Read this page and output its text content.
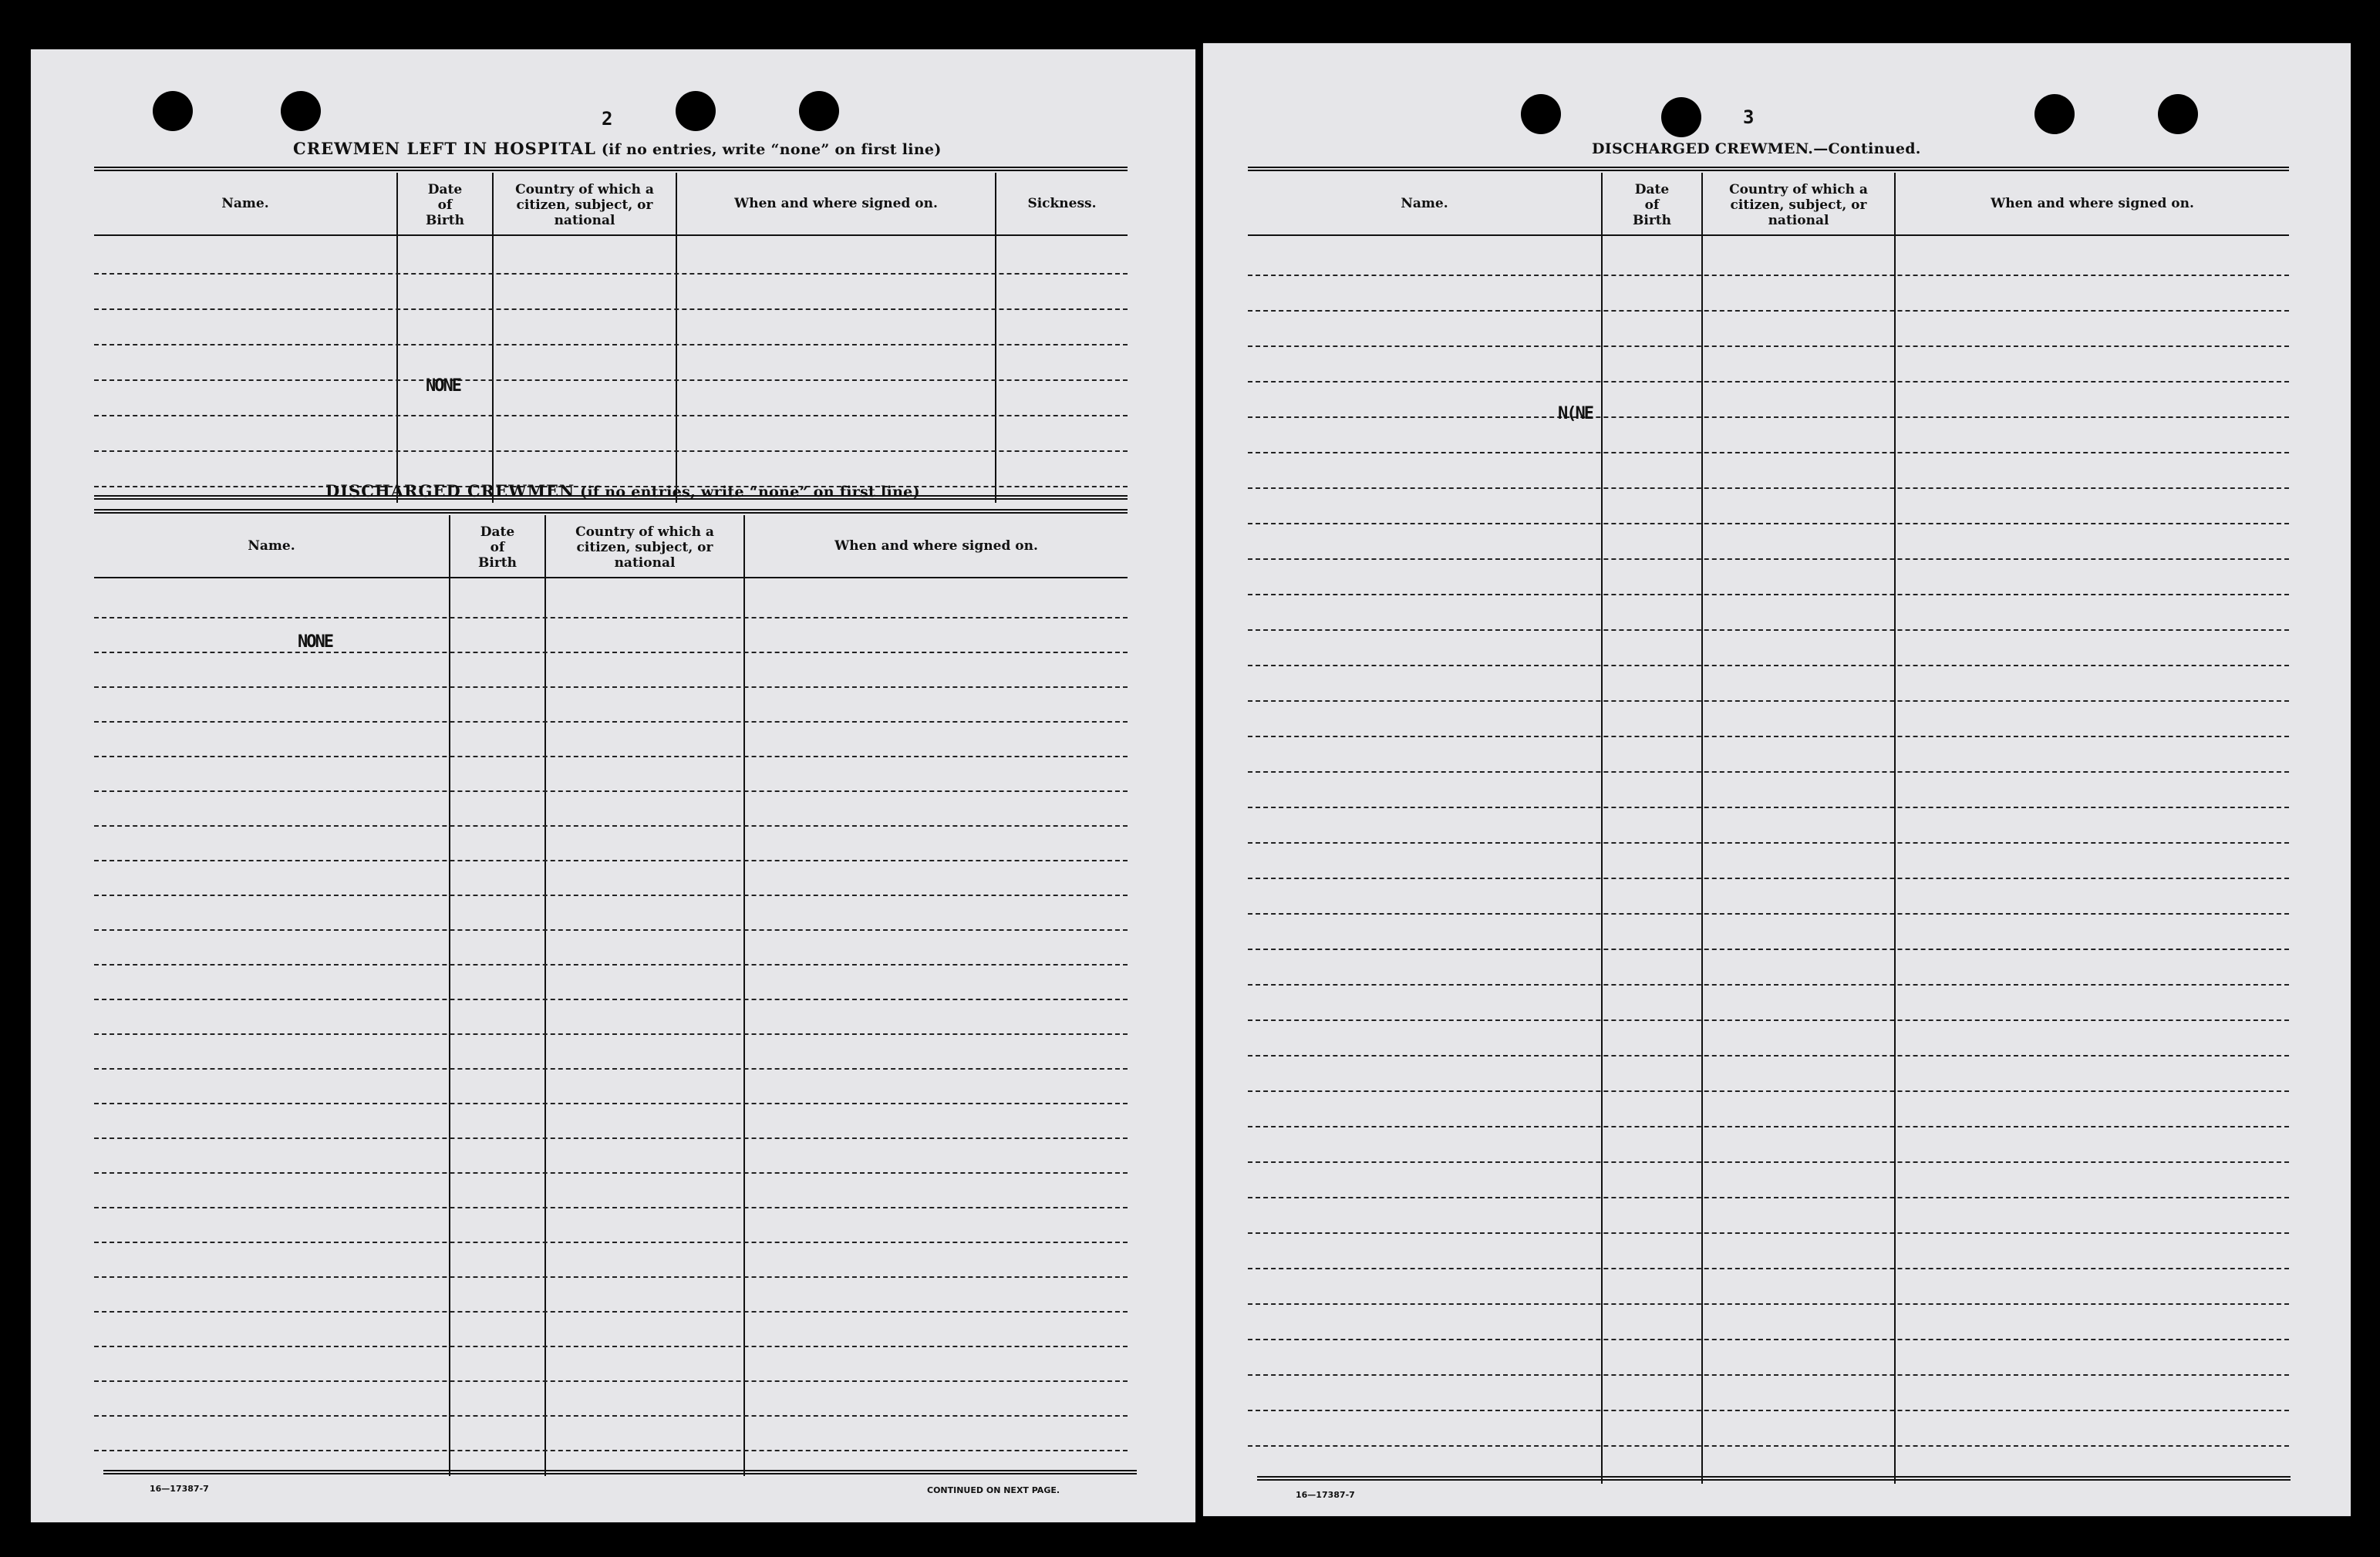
2
CREWMEN LEFT IN HOSPITAL (if no entries, write “none” on first line)
Name.
Date
of
Birth
Country of which a
citizen, subject, or
national
When and where signed on.	Sickness.
NONE
DISCHARGED CREWMEN (if no entries, write “none” on first line)
Name.
Date
of
Birth
Country of which a
citizen, subject, or
national
When and where signed on.
NONE
16—17387-7	CONTINUED ON NEXT PAGE.
3
DISCHARGED CREWMEN.—Continued.
Name.
Date
of
Birth
Country of which a
citizen, subject, or
national
When and where signed on.
N(NE
16—17387-7
